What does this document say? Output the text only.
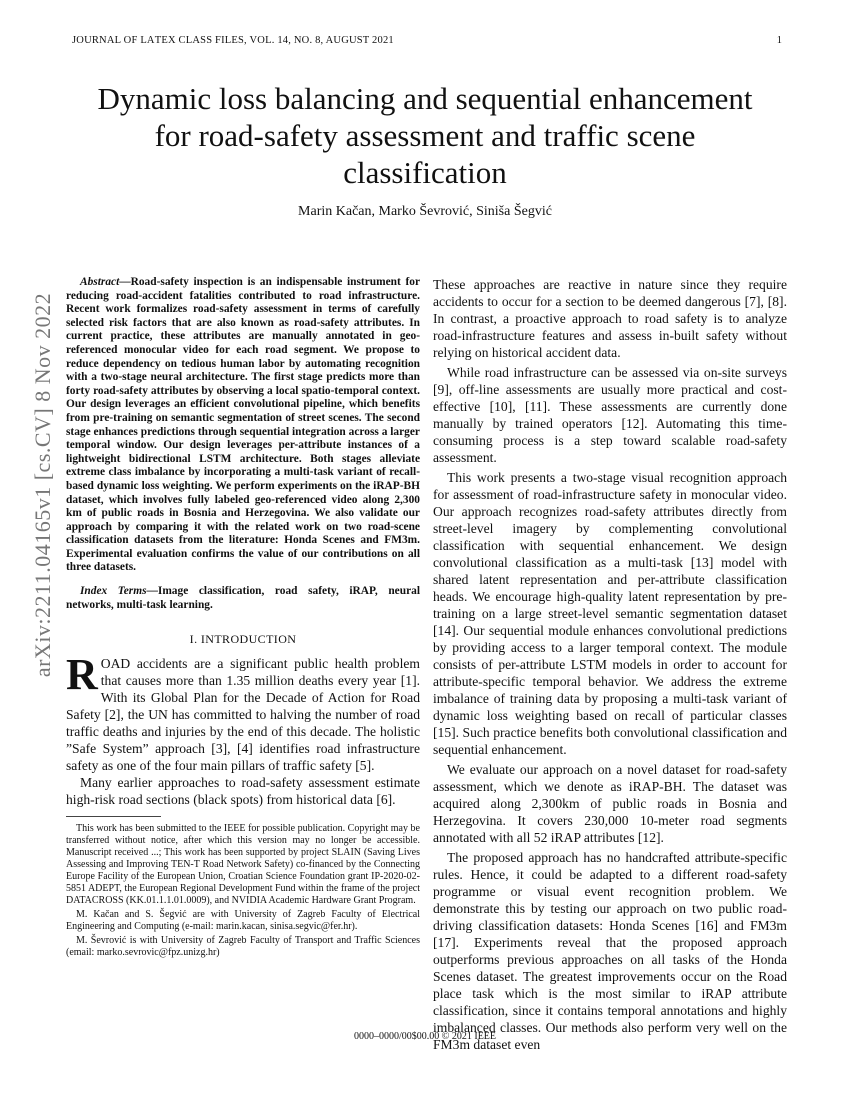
JOURNAL OF LΑTEX CLASS FILES, VOL. 14, NO. 8, AUGUST 2021	1
arXiv:2211.04165v1 [cs.CV] 8 Nov 2022
Dynamic loss balancing and sequential enhancement for road-safety assessment and traffic scene classification
Marin Kačan, Marko Ševrović, Siniša Šegvić

Abstract—Road-safety inspection is an indispensable instrument for reducing road-accident fatalities contributed to road infrastructure. Recent work formalizes road-safety assessment in terms of carefully selected risk factors that are also known as road-safety attributes. In current practice, these attributes are manually annotated in geo-referenced monocular video for each road segment. We propose to reduce dependency on tedious human labor by automating recognition with a two-stage neural architecture. The first stage predicts more than forty road-safety attributes by observing a local spatio-temporal context. Our design leverages an efficient convolutional pipeline, which benefits from pre-training on semantic segmentation of street scenes. The second stage enhances predictions through sequential integration across a larger temporal window. Our design leverages per-attribute instances of a lightweight bidirectional LSTM architecture. Both stages alleviate extreme class imbalance by incorporating a multi-task variant of recall-based dynamic loss weighting. We perform experiments on the iRAP-BH dataset, which involves fully labeled geo-referenced video along 2,300 km of public roads in Bosnia and Herzegovina. We also validate our approach by comparing it with the related work on two road-scene classification datasets from the literature: Honda Scenes and FM3m. Experimental evaluation confirms the value of our contributions on all three datasets.

Index Terms—Image classification, road safety, iRAP, neural networks, multi-task learning.

I. INTRODUCTION

ROAD accidents are a significant public health problem that causes more than 1.35 million deaths every year [1]. With its Global Plan for the Decade of Action for Road Safety [2], the UN has committed to halving the number of road traffic deaths and injuries by the end of this decade. The holistic ”Safe System” approach [3], [4] identifies road infrastructure safety as one of the four main pillars of traffic safety [5].

Many earlier approaches to road-safety assessment estimate high-risk road sections (black spots) from historical data [6].

This work has been submitted to the IEEE for possible publication. Copyright may be transferred without notice, after which this version may no longer be accessible. Manuscript received ...; This work has been supported by project SLAIN (Saving Lives Assessing and Improving TEN-T Road Network Safety) co-financed by the Connecting Europe Facility of the European Union, Croatian Science Foundation grant IP-2020-02-5851 ADEPT, the European Regional Development Fund within the frame of the project DATACROSS (KK.01.1.1.01.0009), and NVIDIA Academic Hardware Grant Program.

M. Kačan and S. Šegvić are with University of Zagreb Faculty of Electrical Engineering and Computing (e-mail: marin.kacan, sinisa.segvic@fer.hr).

M. Ševrović is with University of Zagreb Faculty of Transport and Traffic Sciences (email: marko.sevrovic@fpz.unizg.hr)

These approaches are reactive in nature since they require accidents to occur for a section to be deemed dangerous [7], [8]. In contrast, a proactive approach to road safety is to analyze road-infrastructure features and assess in-built safety without relying on historical accident data.

While road infrastructure can be assessed via on-site surveys [9], off-line assessments are usually more practical and cost-effective [10], [11]. These assessments are currently done manually by trained operators [12]. Automating this time-consuming process is a step toward scalable road-safety assessment.

This work presents a two-stage visual recognition approach for assessment of road-infrastructure safety in monocular video. Our approach recognizes road-safety attributes directly from street-level imagery by complementing convolutional classification with sequential enhancement. We design convolutional classification as a multi-task [13] model with shared latent representation and per-attribute classification heads. We encourage high-quality latent representation by pre-training on a large street-level semantic segmentation dataset [14]. Our sequential module enhances convolutional predictions by providing access to a larger temporal context. The module consists of per-attribute LSTM models in order to account for attribute-specific temporal behavior. We address the extreme imbalance of training data by proposing a multi-task variant of dynamic loss weighting based on recall of particular classes [15]. Such practice benefits both convolutional classification and sequential enhancement.

We evaluate our approach on a novel dataset for road-safety assessment, which we denote as iRAP-BH. The dataset was acquired along 2,300km of public roads in Bosnia and Herzegovina. It covers 230,000 10-meter road segments annotated with all 52 iRAP attributes [12].

The proposed approach has no handcrafted attribute-specific rules. Hence, it could be adapted to a different road-safety programme or visual event recognition problem. We demonstrate this by testing our approach on two public road-driving classification datasets: Honda Scenes [16] and FM3m [17]. Experiments reveal that the proposed approach outperforms previous approaches on all tasks of the Honda Scenes dataset. The greatest improvements occur on the Road place task which is the most similar to iRAP attribute classification, since it contains temporal annotations and highly imbalanced classes. Our methods also perform very well on the FM3m dataset even

0000–0000/00$00.00 © 2021 IEEE
